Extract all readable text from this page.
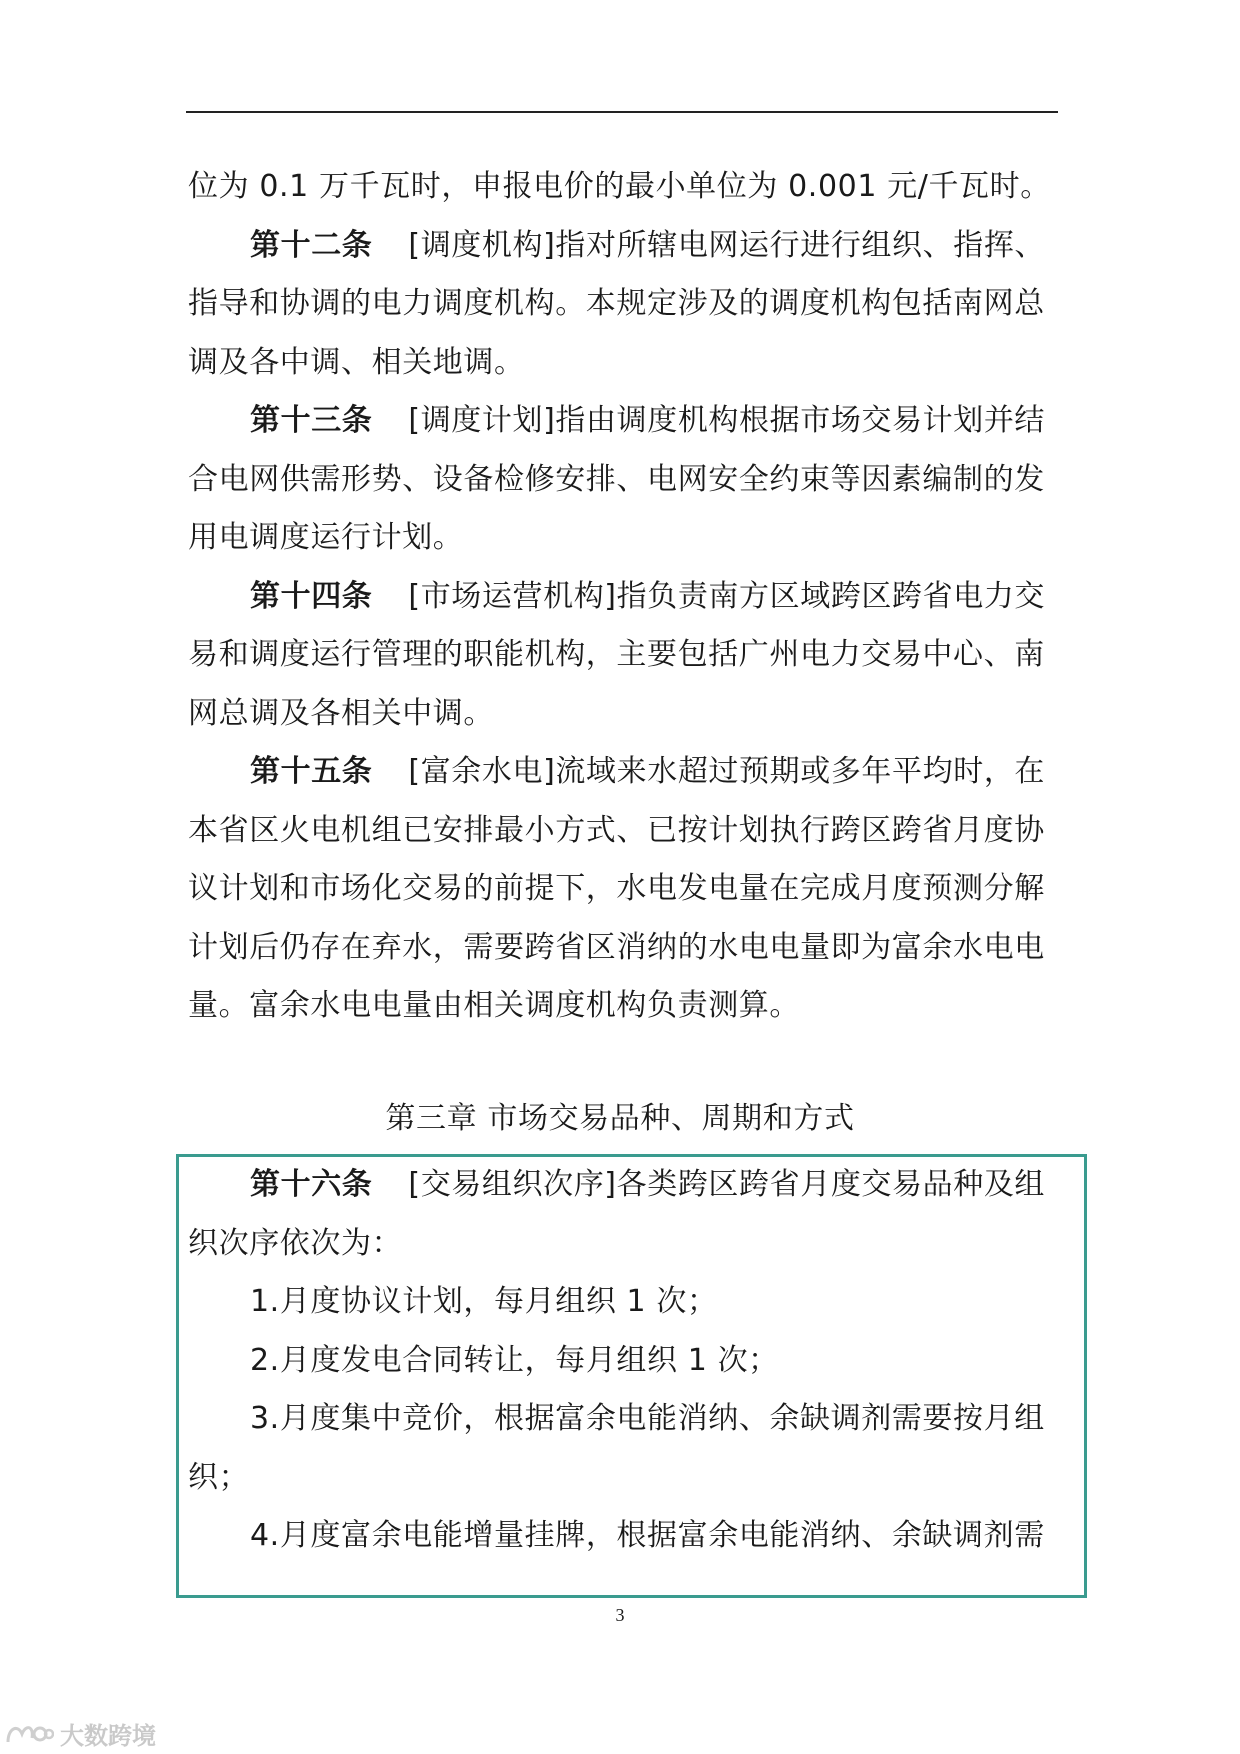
位为 0.1 万千瓦时，申报电价的最小单位为 0.001 元/千瓦时。
第十二条 [调度机构]指对所辖电网运行进行组织、指挥、
指导和协调的电力调度机构。本规定涉及的调度机构包括南网总
调及各中调、相关地调。
第十三条 [调度计划]指由调度机构根据市场交易计划并结
合电网供需形势、设备检修安排、电网安全约束等因素编制的发
用电调度运行计划。
第十四条 [市场运营机构]指负责南方区域跨区跨省电力交
易和调度运行管理的职能机构，主要包括广州电力交易中心、南
网总调及各相关中调。
第十五条 [富余水电]流域来水超过预期或多年平均时，在
本省区火电机组已安排最小方式、已按计划执行跨区跨省月度协
议计划和市场化交易的前提下，水电发电量在完成月度预测分解
计划后仍存在弃水，需要跨省区消纳的水电电量即为富余水电电
量。富余水电电量由相关调度机构负责测算。
第三章 市场交易品种、周期和方式
第十六条 [交易组织次序]各类跨区跨省月度交易品种及组
织次序依次为：
1.月度协议计划，每月组织 1 次；
2.月度发电合同转让，每月组织 1 次；
3.月度集中竞价，根据富余电能消纳、余缺调剂需要按月组
织；
4.月度富余电能增量挂牌，根据富余电能消纳、余缺调剂需
3
大数跨境
